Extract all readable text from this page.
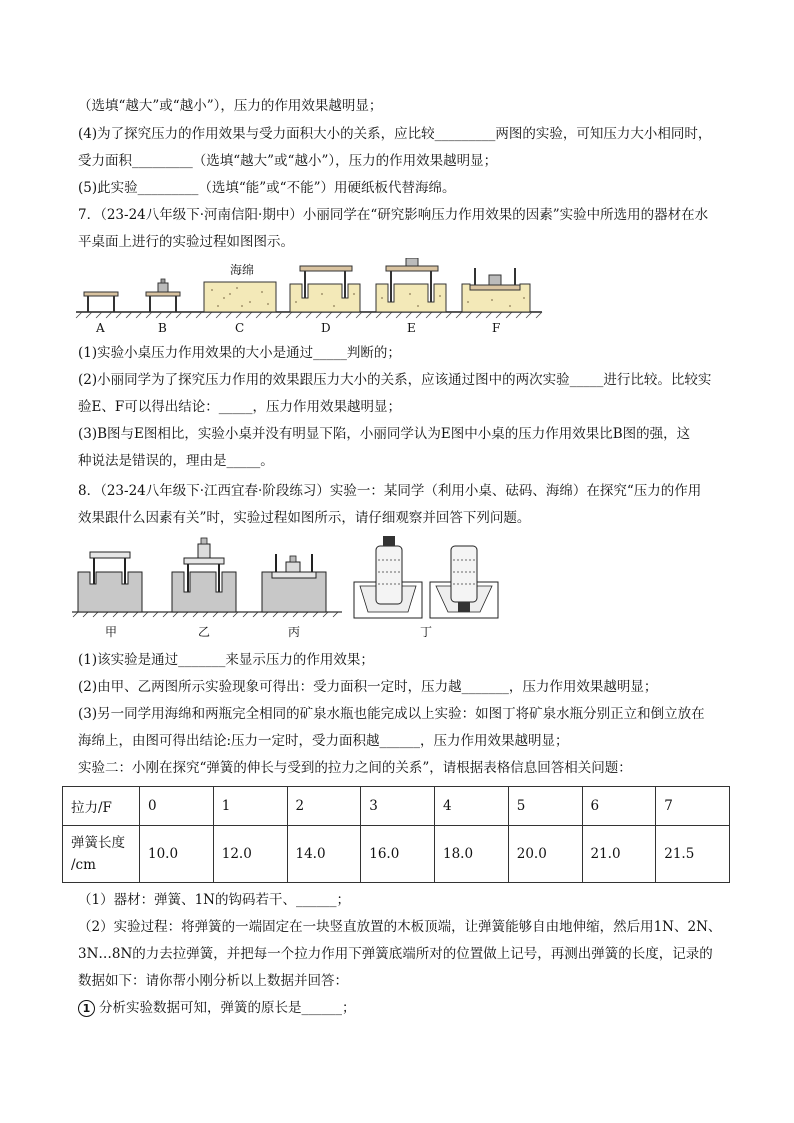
（选填“越大”或“越小”），压力的作用效果越明显；
(4)为了探究压力的作用效果与受力面积大小的关系，应比较_________两图的实验，可知压力大小相同时，
受力面积_________（选填“越大”或“越小”），压力的作用效果越明显；
(5)此实验_________（选填“能”或“不能”）用硬纸板代替海绵。
7．（23-24八年级下·河南信阳·期中）小丽同学在“研究影响压力作用效果的因素”实验中所选用的器材在水
平桌面上进行的实验过程如图图示。
海绵
A	B	C	D	E	F
(1)实验小桌压力作用效果的大小是通过_____判断的；
(2)小丽同学为了探究压力作用的效果跟压力大小的关系，应该通过图中的两次实验_____进行比较。比较实
验E、F可以得出结论：_____，压力作用效果越明显；
(3)B图与E图相比，实验小桌并没有明显下陷，小丽同学认为E图中小桌的压力作用效果比B图的强，这
种说法是错误的，理由是_____。
8．（23-24八年级下·江西宜春·阶段练习）实验一：某同学（利用小桌、砝码、海绵）在探究“压力的作用
效果跟什么因素有关”时，实验过程如图所示，请仔细观察并回答下列问题。
甲	乙	丙	丁
(1)该实验是通过_______来显示压力的作用效果；
(2)由甲、乙两图所示实验现象可得出：受力面积一定时，压力越_______，压力作用效果越明显；
(3)另一同学用海绵和两瓶完全相同的矿泉水瓶也能完成以上实验：如图丁将矿泉水瓶分别正立和倒立放在
海绵上，由图可得出结论:压力一定时，受力面积越______，压力作用效果越明显；
实验二：小刚在探究“弹簧的伸长与受到的拉力之间的关系”，请根据表格信息回答相关问题：
拉力/F	0	1	2	3	4	5	6	7

弹簧长度
/cm	10.0	12.0	14.0	16.0	18.0	20.0	21.0	21.5
（1）器材：弹簧、1N的钩码若干、______；
（2）实验过程：将弹簧的一端固定在一块竖直放置的木板顶端，让弹簧能够自由地伸缩，然后用1N、2N、
3N…8N的力去拉弹簧，并把每一个拉力作用下弹簧底端所对的位置做上记号，再测出弹簧的长度，记录的
数据如下：请你帮小刚分析以上数据并回答：
1 分析实验数据可知，弹簧的原长是______；
